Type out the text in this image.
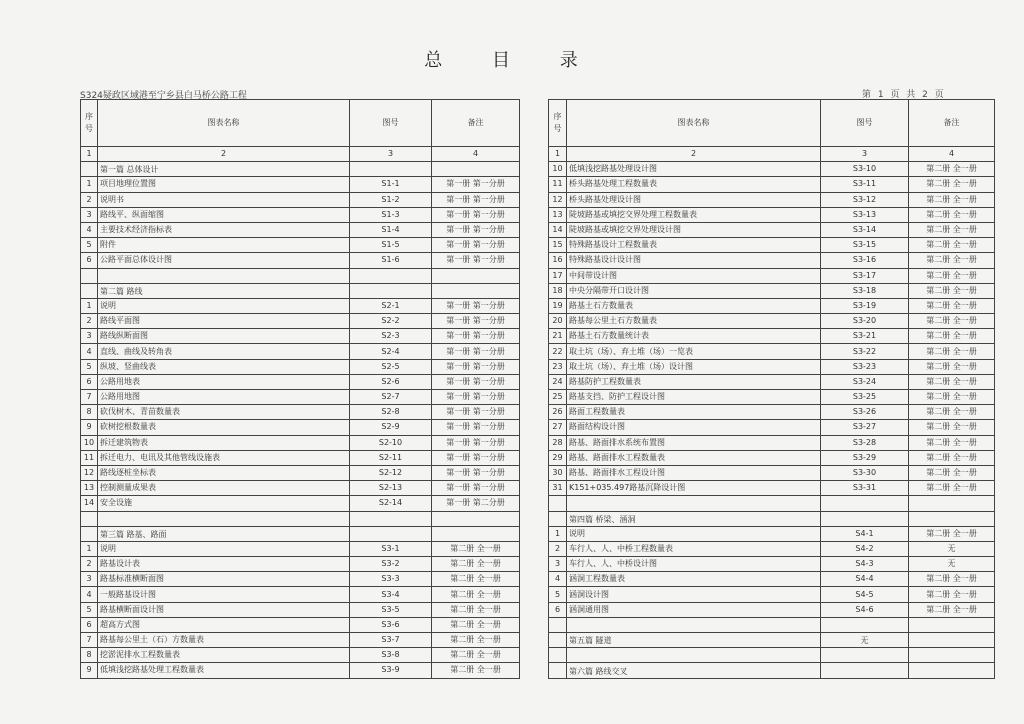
总 目 录
S324疑政区域港至宁乡县白马桥公路工程	第 1 页 共 2 页
序号	图表名称	图号	备注
1	2	3	4
	第一篇 总体设计		
1	项目地理位置图	S1-1	第一册 第一分册
2	说明书	S1-2	第一册 第一分册
3	路线平、纵面缩图	S1-3	第一册 第一分册
4	主要技术经济指标表	S1-4	第一册 第一分册
5	附件	S1-5	第一册 第一分册
6	公路平面总体设计图	S1-6	第一册 第一分册

	第二篇 路线		
1	说明	S2-1	第一册 第一分册
2	路线平面图	S2-2	第一册 第一分册
3	路线纵断面图	S2-3	第一册 第一分册
4	直线、曲线及转角表	S2-4	第一册 第一分册
5	纵坡、竖曲线表	S2-5	第一册 第一分册
6	公路用地表	S2-6	第一册 第一分册
7	公路用地图	S2-7	第一册 第一分册
8	砍伐树木、青苗数量表	S2-8	第一册 第一分册
9	砍树挖根数量表	S2-9	第一册 第一分册
10	拆迁建筑物表	S2-10	第一册 第一分册
11	拆迁电力、电讯及其他管线设施表	S2-11	第一册 第一分册
12	路线逐桩坐标表	S2-12	第一册 第一分册
13	控制测量成果表	S2-13	第一册 第一分册
14	安全设施	S2-14	第一册 第二分册

	第三篇 路基、路面		
1	说明	S3-1	第二册 全一册
2	路基设计表	S3-2	第二册 全一册
3	路基标准横断面图	S3-3	第二册 全一册
4	一般路基设计图	S3-4	第二册 全一册
5	路基横断面设计图	S3-5	第二册 全一册
6	超高方式图	S3-6	第二册 全一册
7	路基每公里土（石）方数量表	S3-7	第二册 全一册
8	挖淤泥排水工程数量表	S3-8	第二册 全一册
9	低填浅挖路基处理工程数量表	S3-9	第二册 全一册
序号	图表名称	图号	备注
1	2	3	4
10	低填浅挖路基处理设计图	S3-10	第二册 全一册
11	桥头路基处理工程数量表	S3-11	第二册 全一册
12	桥头路基处理设计图	S3-12	第二册 全一册
13	陡坡路基或填挖交界处理工程数量表	S3-13	第二册 全一册
14	陡坡路基或填挖交界处理设计图	S3-14	第二册 全一册
15	特殊路基设计工程数量表	S3-15	第二册 全一册
16	特殊路基设计设计图	S3-16	第二册 全一册
17	中间带设计图	S3-17	第二册 全一册
18	中央分隔带开口设计图	S3-18	第二册 全一册
19	路基土石方数量表	S3-19	第二册 全一册
20	路基每公里土石方数量表	S3-20	第二册 全一册
21	路基土石方数量统计表	S3-21	第二册 全一册
22	取土坑（场）、弃土堆（场）一览表	S3-22	第二册 全一册
23	取土坑（场）、弃土堆（场）设计图	S3-23	第二册 全一册
24	路基防护工程数量表	S3-24	第二册 全一册
25	路基支挡、防护工程设计图	S3-25	第二册 全一册
26	路面工程数量表	S3-26	第二册 全一册
27	路面结构设计图	S3-27	第二册 全一册
28	路基、路面排水系统布置图	S3-28	第二册 全一册
29	路基、路面排水工程数量表	S3-29	第二册 全一册
30	路基、路面排水工程设计图	S3-30	第二册 全一册
31	K151+035.497路基沉降设计图	S3-31	第二册 全一册

	第四篇 桥梁、涵洞		
1	说明	S4-1	第二册 全一册
2	车行人、人、中桥工程数量表	S4-2	无
3	车行人、人、中桥设计图	S4-3	无
4	涵洞工程数量表	S4-4	第二册 全一册
5	涵洞设计图	S4-5	第二册 全一册
6	涵洞通用图	S4-6	第二册 全一册

	第五篇 隧道	无	

	第六篇 路线交叉		
